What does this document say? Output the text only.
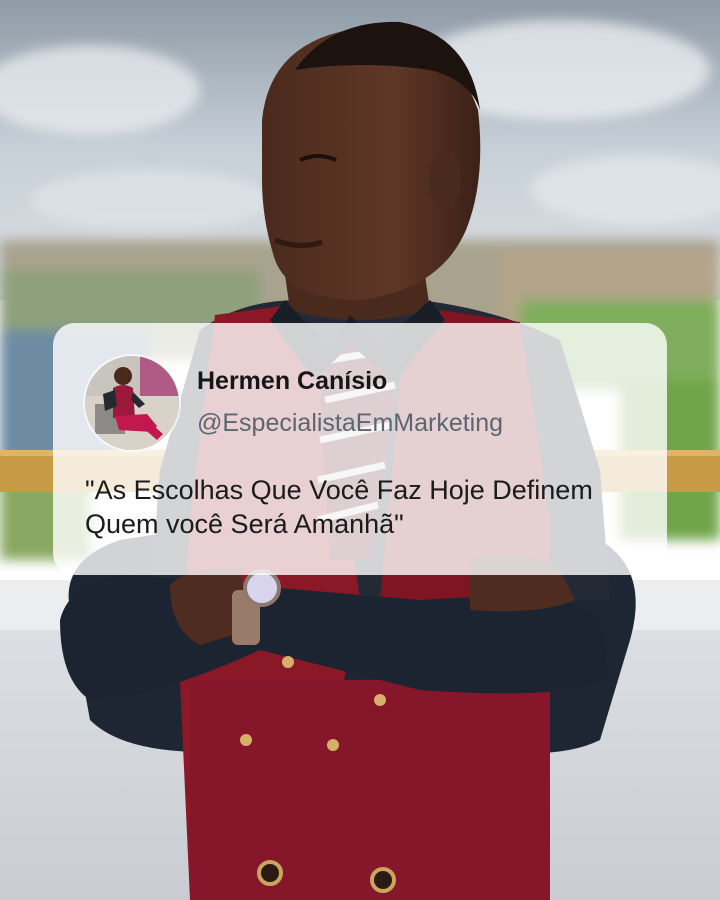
Hermen Canísio
@EspecialistaEmMarketing
"As Escolhas Que Você Faz Hoje Definem Quem você Será Amanhã"
